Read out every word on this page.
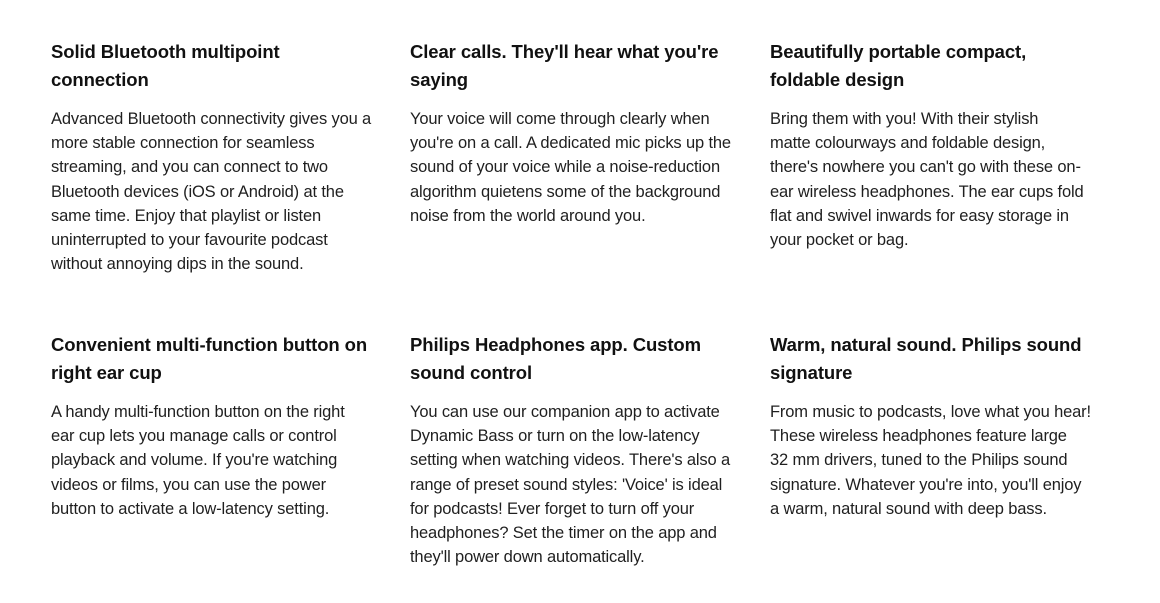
Solid Bluetooth multipoint
connection

Advanced Bluetooth connectivity gives you a
more stable connection for seamless
streaming, and you can connect to two
Bluetooth devices (iOS or Android) at the
same time. Enjoy that playlist or listen
uninterrupted to your favourite podcast
without annoying dips in the sound.

Clear calls. They'll hear what you're
saying

Your voice will come through clearly when
you're on a call. A dedicated mic picks up the
sound of your voice while a noise-reduction
algorithm quietens some of the background
noise from the world around you.

Beautifully portable compact,
foldable design

Bring them with you! With their stylish
matte colourways and foldable design,
there's nowhere you can't go with these on-
ear wireless headphones. The ear cups fold
flat and swivel inwards for easy storage in
your pocket or bag.

Convenient multi-function button on
right ear cup

A handy multi-function button on the right
ear cup lets you manage calls or control
playback and volume. If you're watching
videos or films, you can use the power
button to activate a low-latency setting.

Philips Headphones app. Custom
sound control

You can use our companion app to activate
Dynamic Bass or turn on the low-latency
setting when watching videos. There's also a
range of preset sound styles: 'Voice' is ideal
for podcasts! Ever forget to turn off your
headphones? Set the timer on the app and
they'll power down automatically.

Warm, natural sound. Philips sound
signature

From music to podcasts, love what you hear!
These wireless headphones feature large
32 mm drivers, tuned to the Philips sound
signature. Whatever you're into, you'll enjoy
a warm, natural sound with deep bass.
